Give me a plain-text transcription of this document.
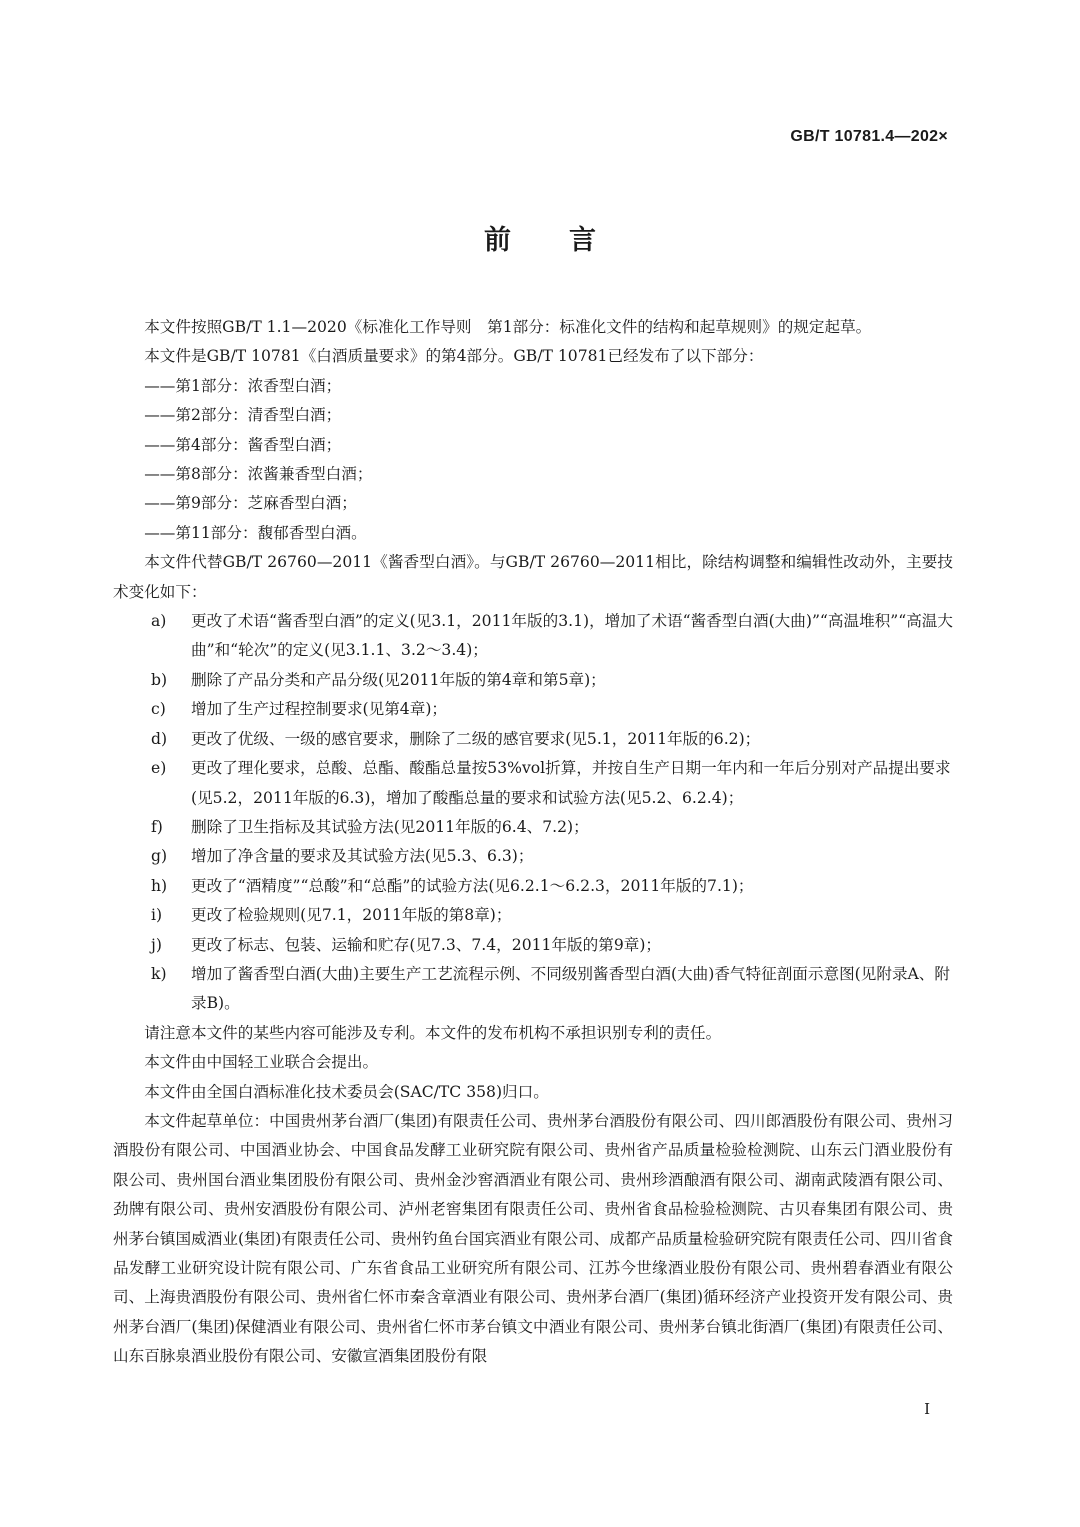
GB/T 10781.4—202×
前 言

本文件按照GB/T 1.1—2020《标准化工作导则　第1部分：标准化文件的结构和起草规则》的规定起草。

本文件是GB/T 10781《白酒质量要求》的第4部分。GB/T 10781已经发布了以下部分：

——第1部分：浓香型白酒；

——第2部分：清香型白酒；

——第4部分：酱香型白酒；

——第8部分：浓酱兼香型白酒；

——第9部分：芝麻香型白酒；

——第11部分：馥郁香型白酒。

本文件代替GB/T 26760—2011《酱香型白酒》。与GB/T 26760—2011相比，除结构调整和编辑性改动外，主要技术变化如下：

a)	更改了术语“酱香型白酒”的定义(见3.1，2011年版的3.1)，增加了术语“酱香型白酒(大曲)”“高温堆积”“高温大曲”和“轮次”的定义(见3.1.1、3.2～3.4)；
b)	删除了产品分类和产品分级(见2011年版的第4章和第5章)；
c)	增加了生产过程控制要求(见第4章)；
d)	更改了优级、一级的感官要求，删除了二级的感官要求(见5.1，2011年版的6.2)；
e)	更改了理化要求，总酸、总酯、酸酯总量按53%vol折算，并按自生产日期一年内和一年后分别对产品提出要求(见5.2，2011年版的6.3)，增加了酸酯总量的要求和试验方法(见5.2、6.2.4)；
f)	删除了卫生指标及其试验方法(见2011年版的6.4、7.2)；
g)	增加了净含量的要求及其试验方法(见5.3、6.3)；
h)	更改了“酒精度”“总酸”和“总酯”的试验方法(见6.2.1～6.2.3，2011年版的7.1)；
i)	更改了检验规则(见7.1，2011年版的第8章)；
j)	更改了标志、包装、运输和贮存(见7.3、7.4，2011年版的第9章)；
k)	增加了酱香型白酒(大曲)主要生产工艺流程示例、不同级别酱香型白酒(大曲)香气特征剖面示意图(见附录A、附录B)。

请注意本文件的某些内容可能涉及专利。本文件的发布机构不承担识别专利的责任。

本文件由中国轻工业联合会提出。

本文件由全国白酒标准化技术委员会(SAC/TC 358)归口。

本文件起草单位：中国贵州茅台酒厂(集团)有限责任公司、贵州茅台酒股份有限公司、四川郎酒股份有限公司、贵州习酒股份有限公司、中国酒业协会、中国食品发酵工业研究院有限公司、贵州省产品质量检验检测院、山东云门酒业股份有限公司、贵州国台酒业集团股份有限公司、贵州金沙窖酒酒业有限公司、贵州珍酒酿酒有限公司、湖南武陵酒有限公司、劲牌有限公司、贵州安酒股份有限公司、泸州老窖集团有限责任公司、贵州省食品检验检测院、古贝春集团有限公司、贵州茅台镇国威酒业(集团)有限责任公司、贵州钓鱼台国宾酒业有限公司、成都产品质量检验研究院有限责任公司、四川省食品发酵工业研究设计院有限公司、广东省食品工业研究所有限公司、江苏今世缘酒业股份有限公司、贵州碧春酒业有限公司、上海贵酒股份有限公司、贵州省仁怀市秦含章酒业有限公司、贵州茅台酒厂(集团)循环经济产业投资开发有限公司、贵州茅台酒厂(集团)保健酒业有限公司、贵州省仁怀市茅台镇文中酒业有限公司、贵州茅台镇北街酒厂(集团)有限责任公司、山东百脉泉酒业股份有限公司、安徽宣酒集团股份有限

I
